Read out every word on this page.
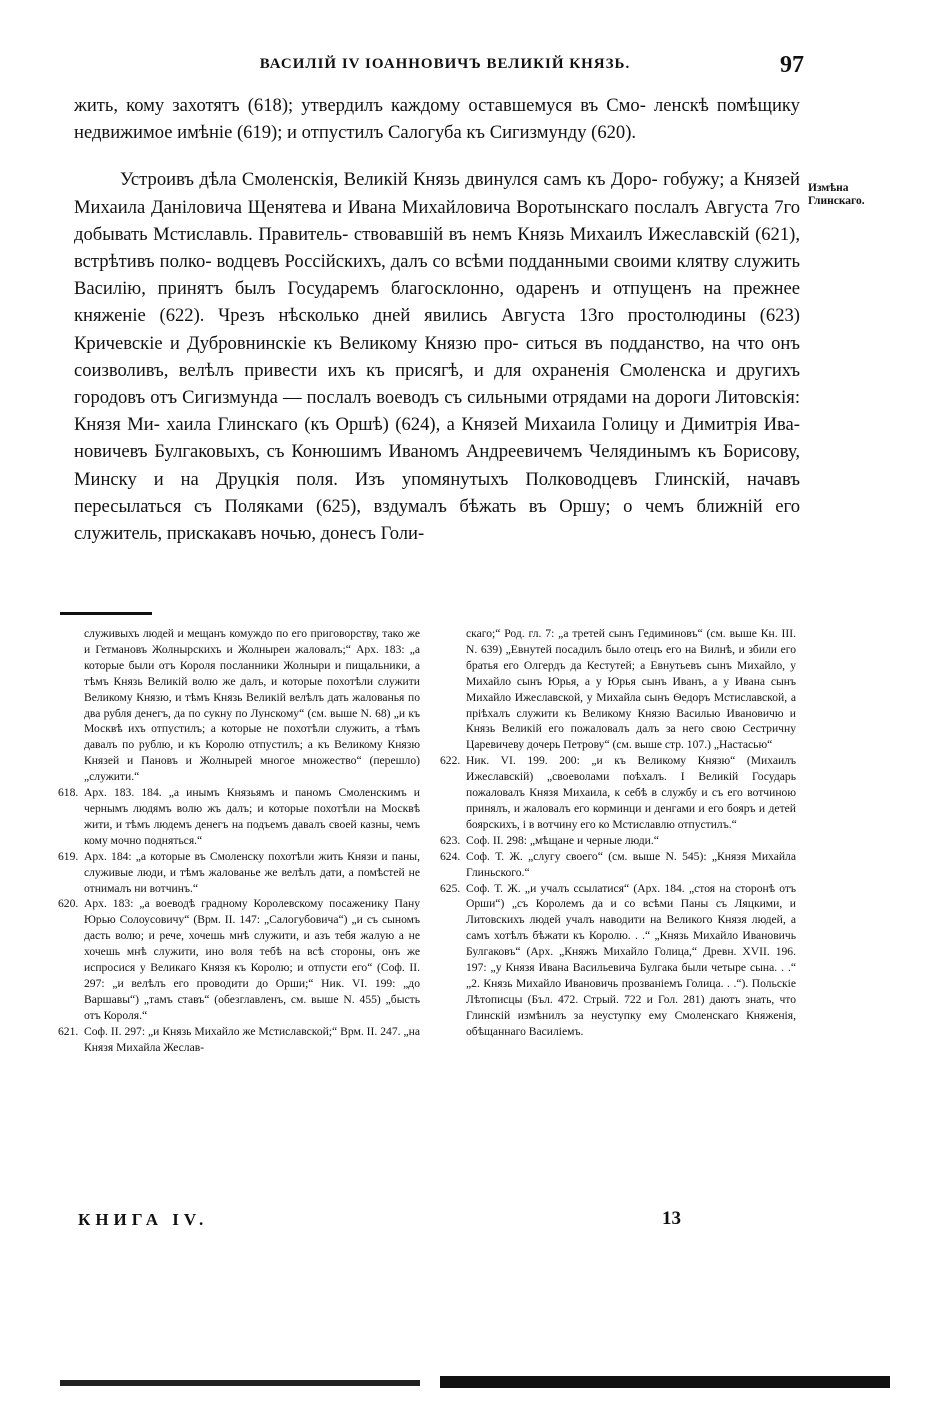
ВАСИЛІЙ IV ІОАННОВИЧЪ ВЕЛИКІЙ КНЯЗЬ.	97

жить, кому захотятъ (618); утвердилъ каждому оставшемуся въ Смо- ленскѣ помѣщику недвижимое имѣніе (619); и отпустилъ Салогуба къ Сигизмунду (620).

Устроивъ дѣла Смоленскія, Великій Князь двинулся самъ къ Доро- гобужу; а Князей Михаила Даніловича Щенятева и Ивана Михайловича Воротынскаго послалъ Августа 7го добывать Мстиславль. Правитель- ствовавшій въ немъ Князь Михаилъ Ижеславскій (621), встрѣтивъ полко- водцевъ Россійскихъ, далъ со всѣми подданными своими клятву служить Василію, принятъ былъ Государемъ благосклонно, одаренъ и отпущенъ на прежнее княженіе (622). Чрезъ нѣсколько дней явились Августа 13го простолюдины (623) Кричевскіе и Дубровнинскіе къ Великому Князю про- ситься въ подданство, на что онъ соизволивъ, велѣлъ привести ихъ къ присягѣ, и для охраненія Смоленска и другихъ городовъ отъ Сигизмунда — послалъ воеводъ съ сильными отрядами на дороги Литовскія: Князя Ми- хаила Глинскаго (къ Оршѣ) (624), а Князей Михаила Голицу и Димитрія Ива- новичевъ Булгаковыхъ, съ Конюшимъ Иваномъ Андреевичемъ Челядинымъ къ Борисову, Минску и на Друцкія поля. Изъ упомянутыхъ Полководцевъ Глинскій, начавъ пересылаться съ Поляками (625), вздумалъ бѣжать въ Оршу; о чемъ ближній его служитель, прискакавъ ночью, донесъ Голи-

Измѣна Глинскаго.

служивыхъ людей и мещанъ комуждо по его приговорству, тако же и Гетмановъ Жолнырскихъ и Жолныреи жаловалъ;“ Арх. 183: „а которые были отъ Короля посланники Жолныри и пищальники, а тѣмъ Князь Великій волю же далъ, и которые похотѣли служити Великому Князю, и тѣмъ Князь Великій велѣлъ дать жалованья по два рубля денегъ, да по сукну по Лунскому“ (см. выше N. 68) „и къ Москвѣ ихъ отпустилъ; а которые не похотѣли служить, а тѣмъ давалъ по рублю, и къ Королю отпустилъ; а къ Великому Князю Князей и Пановъ и Жолнырей многое множество“ (перешло) „служити.“

618. Арх. 183. 184. „а инымъ Князьямъ и паномъ Смоленскимъ и чернымъ людямъ волю жъ далъ; и которые похотѣли на Москвѣ жити, и тѣмъ людемъ денегъ на подъемъ давалъ своей казны, чемъ кому мочно подняться.“

619. Арх. 184: „а которые въ Смоленску похотѣли жить Князи и паны, служивые люди, и тѣмъ жалованье же велѣлъ дати, а помѣстей не отнималъ ни вотчинъ.“

620. Арх. 183: „а воеводѣ градному Королевскому посаженику Пану Юрью Солоусовичу“ (Врм. II. 147: „Салогубовича“) „и съ сыномъ дасть волю; и рече, хочешь мнѣ служити, и азъ тебя жалую а не хочешь мнѣ служити, ино воля тебѣ на всѣ стороны, онъ же испросися у Великаго Князя къ Королю; и отпусти его“ (Соф. II. 297: „и велѣлъ его проводити до Орши;“ Ник. VI. 199: „до Варшавы“) „тамъ ставъ“ (обезглавленъ, см. выше N. 455) „бысть отъ Короля.“

621. Соф. II. 297: „и Князь Михайло же Мстиславской;“ Врм. II. 247. „на Князя Михайла Жеслав-

скаго;“ Род. гл. 7: „а третей сынъ Гедиминовъ“ (см. выше Кн. III. N. 639) „Евнутей посадилъ было отецъ его на Вилнѣ, и збили его братья его Олгердъ да Кестутей; а Евнутьевъ сынъ Михайло, у Михайло сынъ Юрья, а у Юрья сынъ Иванъ, а у Ивана сынъ Михайло Ижеславской, у Михайла сынъ Ѳедоръ Мстиславской, а пріѣхалъ служити къ Великому Князю Василью Ивановичю и Князь Великій его пожаловалъ далъ за него свою Сестричну Царевичеву дочерь Петрову“ (см. выше стр. 107.) „Настасью“

622. Ник. VI. 199. 200: „и къ Великому Князю“ (Михаилъ Ижеславскій) „своеволами поѣхалъ. І Великій Государь пожаловалъ Князя Михаила, к себѣ в службу и съ его вотчиною принялъ, и жаловалъ его корминци и денгами и его бояръ и детей боярскихъ, і в вотчину его ко Мстиславлю отпустилъ.“

623. Соф. II. 298: „мѣщане и черные люди.“

624. Соф. Т. Ж. „слугу своего“ (см. выше N. 545): „Князя Михайла Глиньского.“

625. Соф. Т. Ж. „и учалъ ссылатися“ (Арх. 184. „стоя на сторонѣ отъ Орши“) „съ Королемъ да и со всѣми Паны съ Ляцкими, и Литовскихъ людей учалъ наводити на Великого Князя людей, а самъ хотѣлъ бѣжати къ Королю. . .“ „Князь Михайло Ивановичь Булгаковъ“ (Арх. „Княжъ Михайло Голица,“ Древн. XVII. 196. 197: „у Князя Ивана Васильевича Булгака были четыре сына. . .“ „2. Князь Михайло Ивановичь прозваніемъ Голица. . .“). Польскіе Лѣтописцы (Бъл. 472. Стрый. 722 и Гол. 281) даютъ знать, что Глинскій измѣнилъ за неуступку ему Смоленскаго Княженія, обѣщаннаго Василіемъ.

КНИГА IV.	13
